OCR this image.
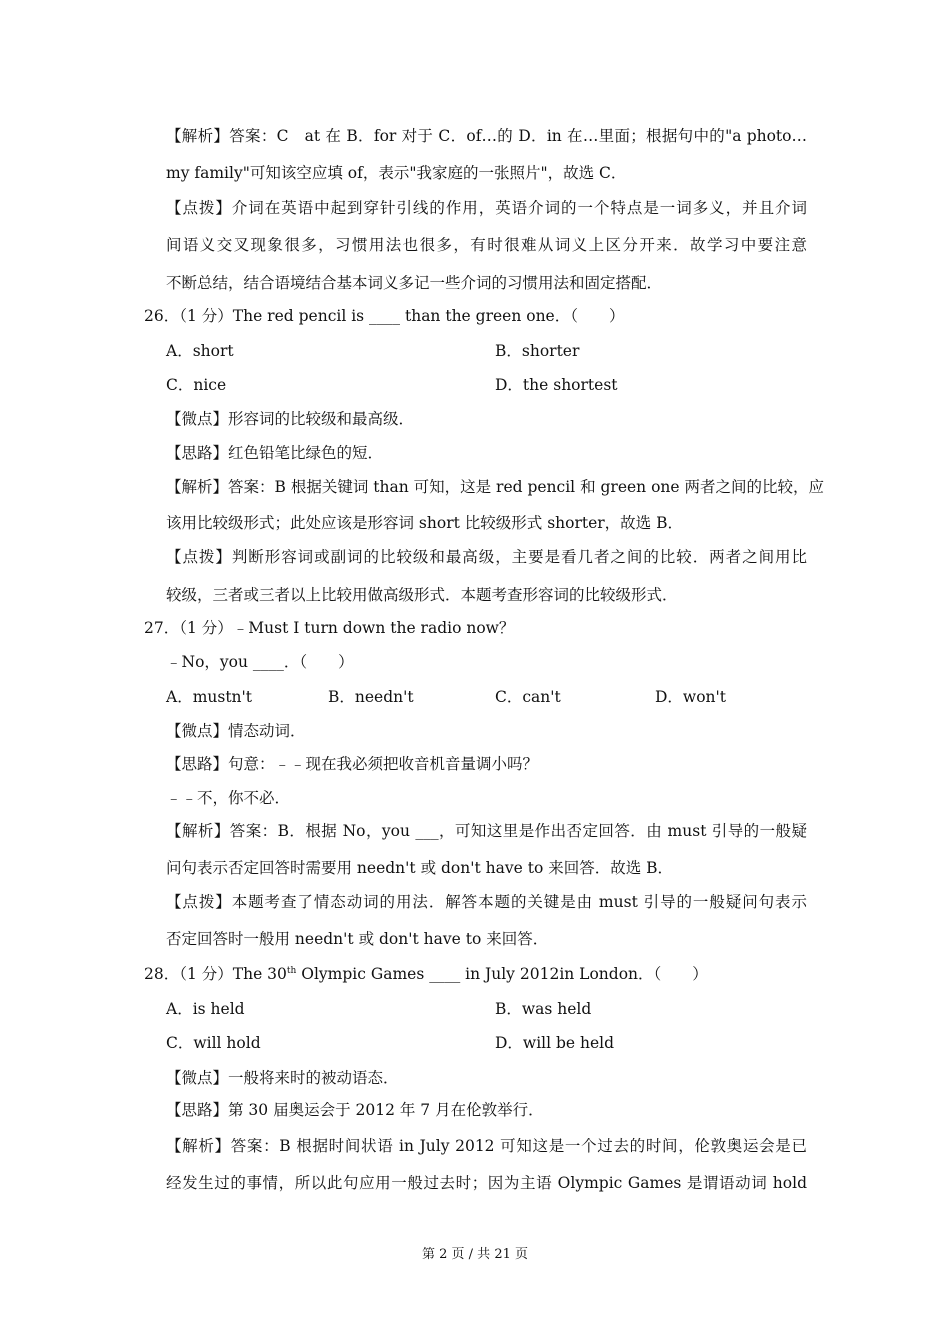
【解析】答案：C　at 在 B．for 对于 C．of…的 D．in 在…里面；根据句中的"a photo…
my family"可知该空应填 of，表示"我家庭的一张照片"，故选 C．
【点拨】介词在英语中起到穿针引线的作用，英语介词的一个特点是一词多义，并且介词
间语义交叉现象很多，习惯用法也很多，有时很难从词义上区分开来．故学习中要注意
不断总结，结合语境结合基本词义多记一些介词的习惯用法和固定搭配．
26．（1 分）The red pencil is ____ than the green one．（　　）
A．short	B．shorter
C．nice	D．the shortest
【微点】形容词的比较级和最高级．
【思路】红色铅笔比绿色的短．
【解析】答案：B 根据关键词 than 可知，这是 red pencil 和 green one 两者之间的比较，应
该用比较级形式；此处应该是形容词 short 比较级形式 shorter，故选 B．
【点拨】判断形容词或副词的比较级和最高级，主要是看几者之间的比较．两者之间用比
较级，三者或三者以上比较用做高级形式．本题考查形容词的比较级形式．
27．（1 分）﹣Must I turn down the radio now？
﹣No，you ____．（　　）
A．mustn't	B．needn't	C．can't	D．won't
【微点】情态动词．
【思路】句意：﹣﹣现在我必须把收音机音量调小吗？
﹣﹣不，你不必．
【解析】答案：B．根据 No，you ___，可知这里是作出否定回答．由 must 引导的一般疑
问句表示否定回答时需要用 needn't 或 don't have to 来回答．故选 B．
【点拨】本题考查了情态动词的用法．解答本题的关键是由 must 引导的一般疑问句表示
否定回答时一般用 needn't 或 don't have to 来回答．
28．（1 分）The 30th Olympic Games ____ in July 2012in London．（　　）
A．is held	B．was held
C．will hold	D．will be held
【微点】一般将来时的被动语态．
【思路】第 30 届奥运会于 2012 年 7 月在伦敦举行．
【解析】答案：B 根据时间状语 in July 2012 可知这是一个过去的时间，伦敦奥运会是已
经发生过的事情，所以此句应用一般过去时；因为主语 Olympic Games 是谓语动词 hold
第 2 页 / 共 21 页
